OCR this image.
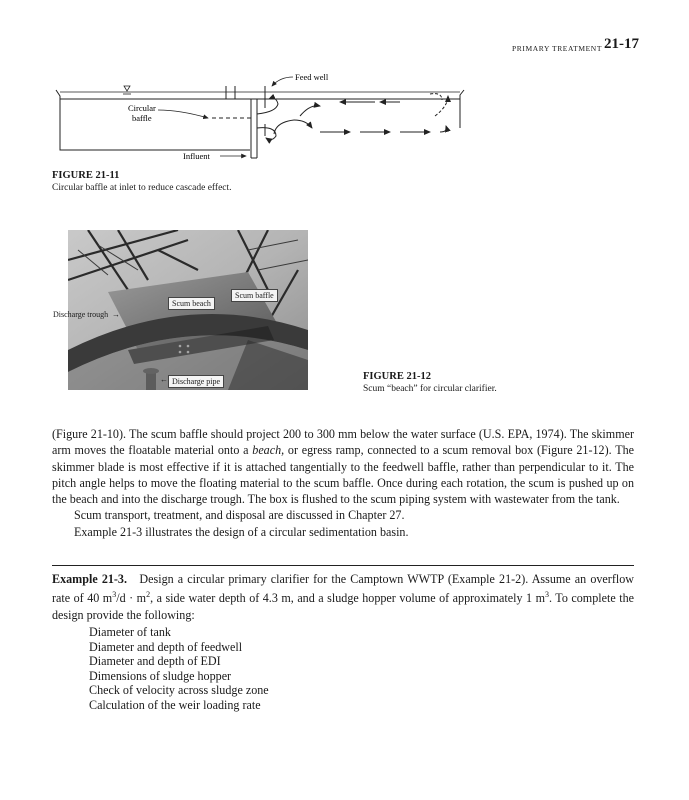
PRIMARY TREATMENT 21-17
Feed well
Circular
baffle
Influent
FIGURE 21-11
Circular baffle at inlet to reduce cascade effect.
Scum baffle
Scum beach
Discharge trough →
Discharge pipe
←	FIGURE 21-12
Scum “beach” for circular clarifier.

(Figure 21-10). The scum baffle should project 200 to 300 mm below the water surface (U.S. EPA, 1974). The skimmer arm moves the floatable material onto a beach, or egress ramp, connected to a scum removal box (Figure 21-12). The skimmer blade is most effective if it is attached tangentially to the feedwell baffle, rather than perpendicular to it. The pitch angle helps to move the floating material to the scum baffle. Once during each rotation, the scum is pushed up on the beach and into the discharge trough. The box is flushed to the scum piping system with wastewater from the tank.

Scum transport, treatment, and disposal are discussed in Chapter 27.

Example 21-3 illustrates the design of a circular sedimentation basin.

Example 21-3. Design a circular primary clarifier for the Camptown WWTP (Example 21-2). Assume an overflow rate of 40 $m^3/d \cdot m^2$, a side water depth of 4.3 m, and a sludge hopper volume of approximately 1 $m^3$. To complete the design provide the following:

Diameter of tank
Diameter and depth of feedwell
Diameter and depth of EDI
Dimensions of sludge hopper
Check of velocity across sludge zone
Calculation of the weir loading rate
